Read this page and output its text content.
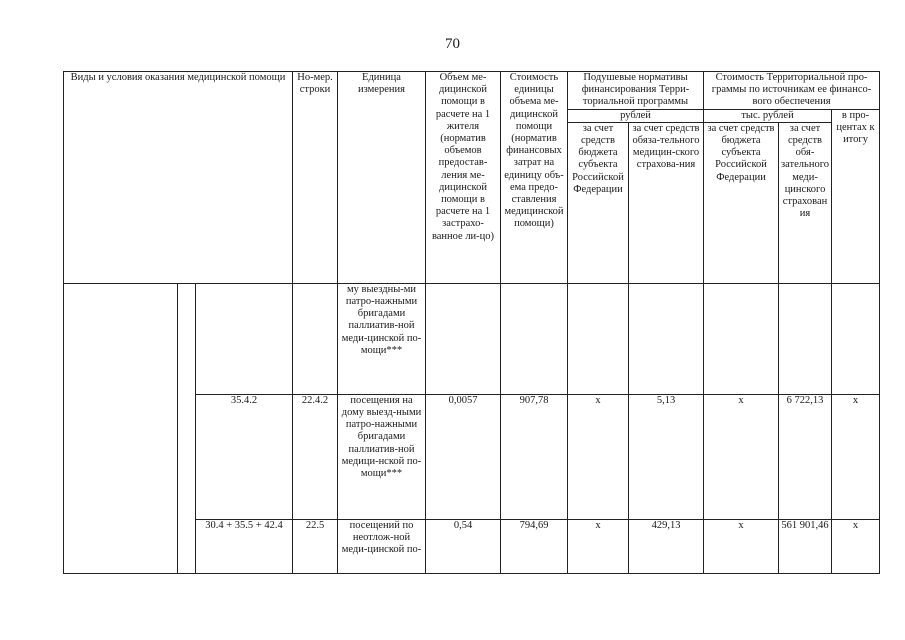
70
Виды и условия оказания медицинской помощи			Но-мер. строки	Единица измерения	Объем ме-дицинской помощи в расчете на 1 жителя (норматив объемов предостав-ления ме-дицинской помощи в расчете на 1 застрахо-ванное ли-цо)	Стоимость единицы объема ме-дицинской помощи (норматив финансовых затрат на единицу объ-ема предо-ставления медицинской помощи)	Подушевые нормативы финансирования Терри-ториальной программы		Стоимость Территориальной про-граммы по источникам ее финансо-вого обеспечения		
							рублей		тыс. рублей		в про-центах к итогу
							за счет средств бюджета субъекта Российской Федерации	за счет средств обяза-тельного медицин-ского страхова-ния	за счет средств бюджета субъекта Российской Федерации	за счет средств обя-зательного меди-цинского страхования	
				му выездны-ми патро-нажными бригадами паллиатив-ной меди-цинской по-мощи***							
		35.4.2	22.4.2	посещения на дому выезд-ными патро-нажными бригадами паллиатив-ной медици-нской по-мощи***	0,0057	907,78	x	5,13	x	6 722,13	x
		30.4 + 35.5 + 42.4	22.5	посещений по неотлож-ной меди-цинской по-	0,54	794,69	x	429,13	x	561 901,46	x
